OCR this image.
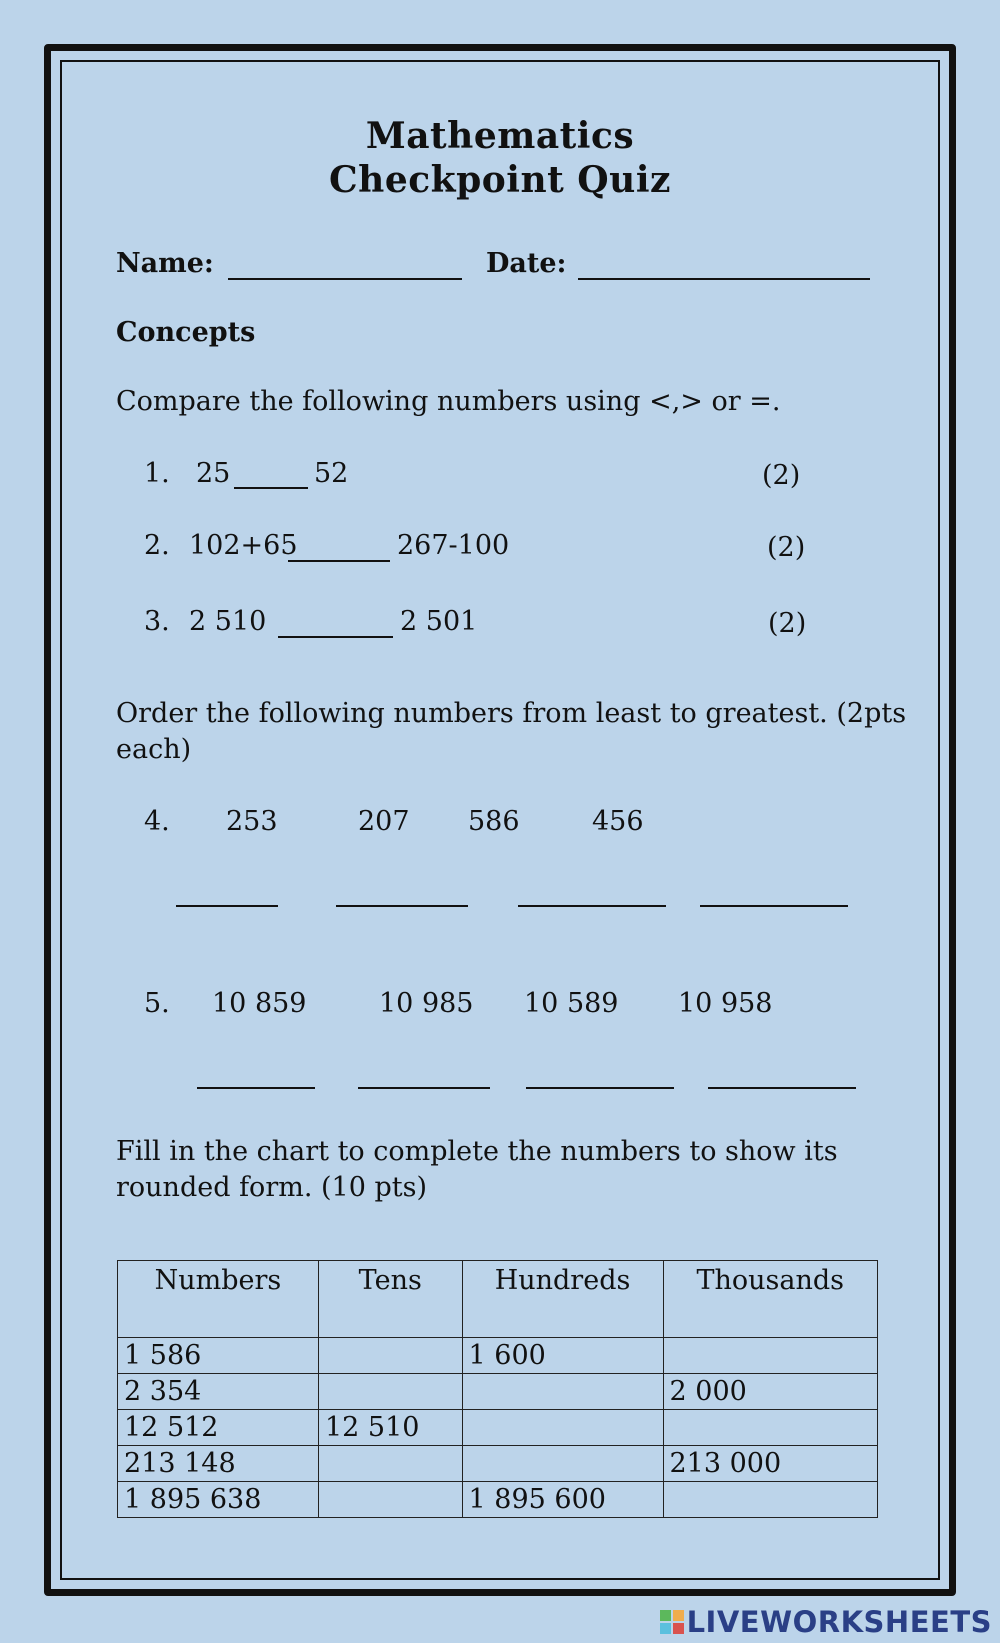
Mathematics
Checkpoint Quiz
Name:	Date:
Concepts
Compare the following numbers using <,> or =.
1. 25	52	(2)
2. 102+65	267-100	(2)
3. 2 510	2 501	(2)
Order the following numbers from least to greatest. (2pts
each)
4. 253	207 586	456
5. 10 859	10 985 10 589 10 958
Fill in the chart to complete the numbers to show its
rounded form. (10 pts)
Numbers	Tens	Hundreds	Thousands
1 586		1 600	
2 354			2 000
12 512	12 510		
213 148			213 000
1 895 638		1 895 600	
LIVEWORKSHEETS
